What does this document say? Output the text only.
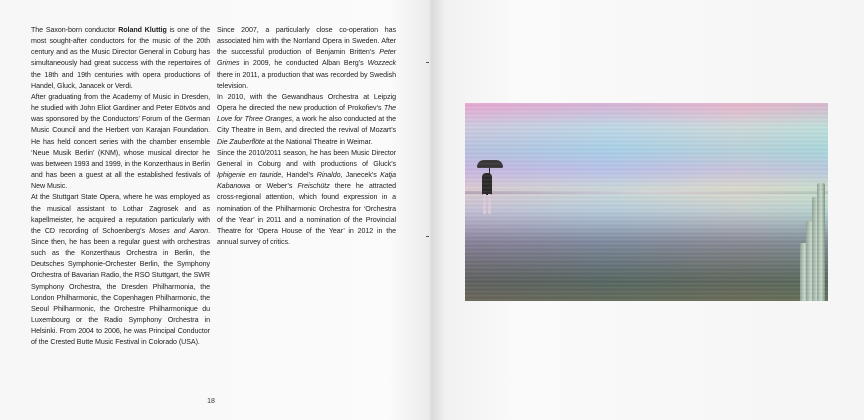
The Saxon-born conductor Roland Kluttig is one of the most sought-after conductors for the music of the 20th century and as the Music Director General in Coburg has simultaneously had great success with the repertoires of the 18th and 19th centuries with opera productions of Handel, Gluck, Janacek or Verdi.

After graduating from the Academy of Music in Dresden, he studied with John Eliot Gardiner and Peter Eötvös and was sponsored by the Conductors’ Forum of the German Music Council and the Herbert von Karajan Foundation. He has held concert series with the chamber ensemble ‘Neue Musik Berlin’ (KNM), whose musical director he was between 1993 and 1999, in the Konzerthaus in Berlin and has been a guest at all the established festivals of New Music.

At the Stuttgart State Opera, where he was employed as the musical assistant to Lothar Zagrosek and as kapellmeister, he acquired a reputation particularly with the CD recording of Schoenberg’s Moses and Aaron. Since then, he has been a regular guest with orchestras such as the Konzerthaus Orchestra in Berlin, the Deutsches Symphonie-Orchester Berlin, the Symphony Orchestra of Bavarian Radio, the RSO Stuttgart, the SWR Symphony Orchestra, the Dresden Philharmonia, the London Philharmonic, the Copenhagen Philharmonic, the Seoul Philharmonic, the Orchestre Philharmonique du Luxembourg or the Radio Symphony Orchestra in Helsinki. From 2004 to 2006, he was Principal Conductor of the Crested Butte Music Festival in Colorado (USA).

Since 2007, a particularly close co-operation has associated him with the Norrland Opera in Sweden. After the successful production of Benjamin Britten’s Peter Grimes in 2009, he conducted Alban Berg’s Wozzeck there in 2011, a production that was recorded by Swedish television.

In 2010, with the Gewandhaus Orchestra at Leipzig Opera he directed the new production of Prokofiev’s The Love for Three Oranges, a work he also conducted at the City Theatre in Bern, and directed the revival of Mozart’s Die Zauberflöte at the National Theatre in Weimar.

Since the 2010/2011 season, he has been Music Director General in Coburg and with productions of Gluck’s Iphigenie en tauride, Handel’s Rinaldo, Janecek’s Katja Kabanowa or Weber’s Freischütz there he attracted cross-regional attention, which found expression in a nomination of the Philharmonic Orchestra for ‘Orchestra of the Year’ in 2011 and a nomination of the Provincial Theatre for ‘Opera House of the Year’ in 2012 in the annual survey of critics.

18
